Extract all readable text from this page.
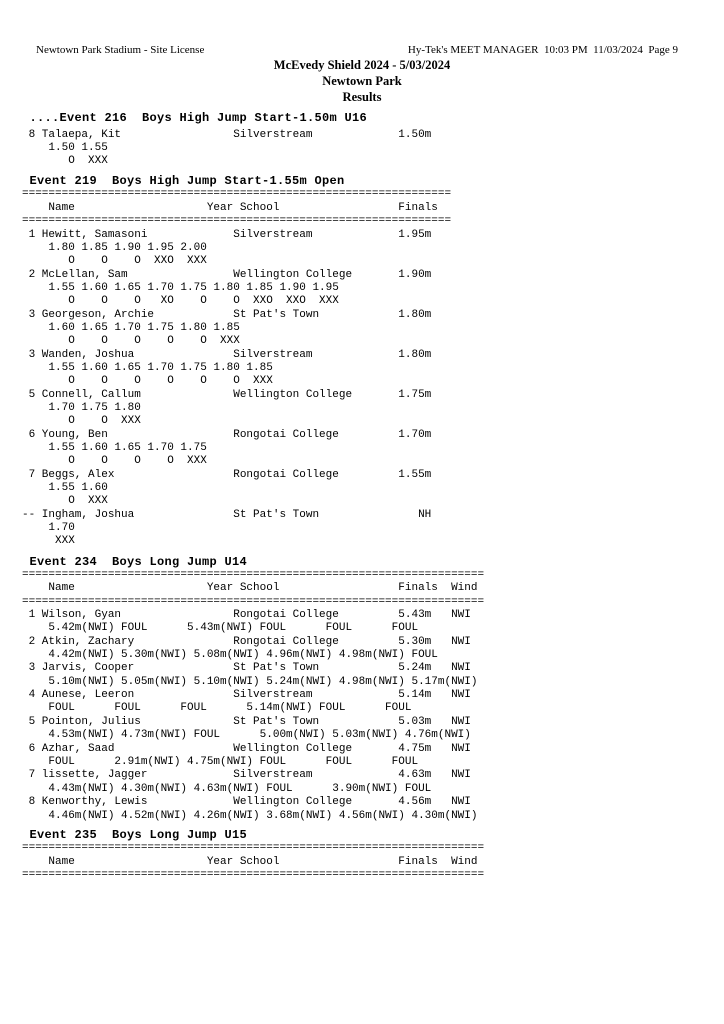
Newtown Park Stadium - Site License	Hy-Tek's MEET MANAGER  10:03 PM  11/03/2024  Page 9
McEvedy Shield 2024 - 5/03/2024
Newtown Park
Results
....Event 216  Boys High Jump Start-1.50m U16
8 Talaepa, Kit                 Silverstream             1.50m
1.50 1.55
O  XXX
Event 219  Boys High Jump Start-1.55m Open
=================================================================
Name                    Year School                  Finals
=================================================================
1 Hewitt, Samasoni             Silverstream             1.95m
1.80 1.85 1.90 1.95 2.00
O    O    O  XXO  XXX
2 McLellan, Sam                Wellington College       1.90m
1.55 1.60 1.65 1.70 1.75 1.80 1.85 1.90 1.95
O    O    O   XO    O    O  XXO  XXO  XXX
3 Georgeson, Archie            St Pat's Town            1.80m
1.60 1.65 1.70 1.75 1.80 1.85
O    O    O    O    O  XXX
3 Wanden, Joshua               Silverstream             1.80m
1.55 1.60 1.65 1.70 1.75 1.80 1.85
O    O    O    O    O    O  XXX
5 Connell, Callum              Wellington College       1.75m
1.70 1.75 1.80
O    O  XXX
6 Young, Ben                   Rongotai College         1.70m
1.55 1.60 1.65 1.70 1.75
O    O    O    O  XXX
7 Beggs, Alex                  Rongotai College         1.55m
1.55 1.60
O  XXX
-- Ingham, Joshua               St Pat's Town               NH
1.70
XXX
Event 234  Boys Long Jump U14
======================================================================
Name                    Year School                  Finals  Wind
======================================================================
1 Wilson, Gyan                 Rongotai College         5.43m   NWI
5.42m(NWI) FOUL      5.43m(NWI) FOUL      FOUL      FOUL
2 Atkin, Zachary               Rongotai College         5.30m   NWI
4.42m(NWI) 5.30m(NWI) 5.08m(NWI) 4.96m(NWI) 4.98m(NWI) FOUL
3 Jarvis, Cooper               St Pat's Town            5.24m   NWI
5.10m(NWI) 5.05m(NWI) 5.10m(NWI) 5.24m(NWI) 4.98m(NWI) 5.17m(NWI)
4 Aunese, Leeron               Silverstream             5.14m   NWI
FOUL      FOUL      FOUL      5.14m(NWI) FOUL      FOUL
5 Pointon, Julius              St Pat's Town            5.03m   NWI
4.53m(NWI) 4.73m(NWI) FOUL      5.00m(NWI) 5.03m(NWI) 4.76m(NWI)
6 Azhar, Saad                  Wellington College       4.75m   NWI
FOUL      2.91m(NWI) 4.75m(NWI) FOUL      FOUL      FOUL
7 lissette, Jagger             Silverstream             4.63m   NWI
4.43m(NWI) 4.30m(NWI) 4.63m(NWI) FOUL      3.90m(NWI) FOUL
8 Kenworthy, Lewis             Wellington College       4.56m   NWI
4.46m(NWI) 4.52m(NWI) 4.26m(NWI) 3.68m(NWI) 4.56m(NWI) 4.30m(NWI)
Event 235  Boys Long Jump U15
======================================================================
Name                    Year School                  Finals  Wind
======================================================================
